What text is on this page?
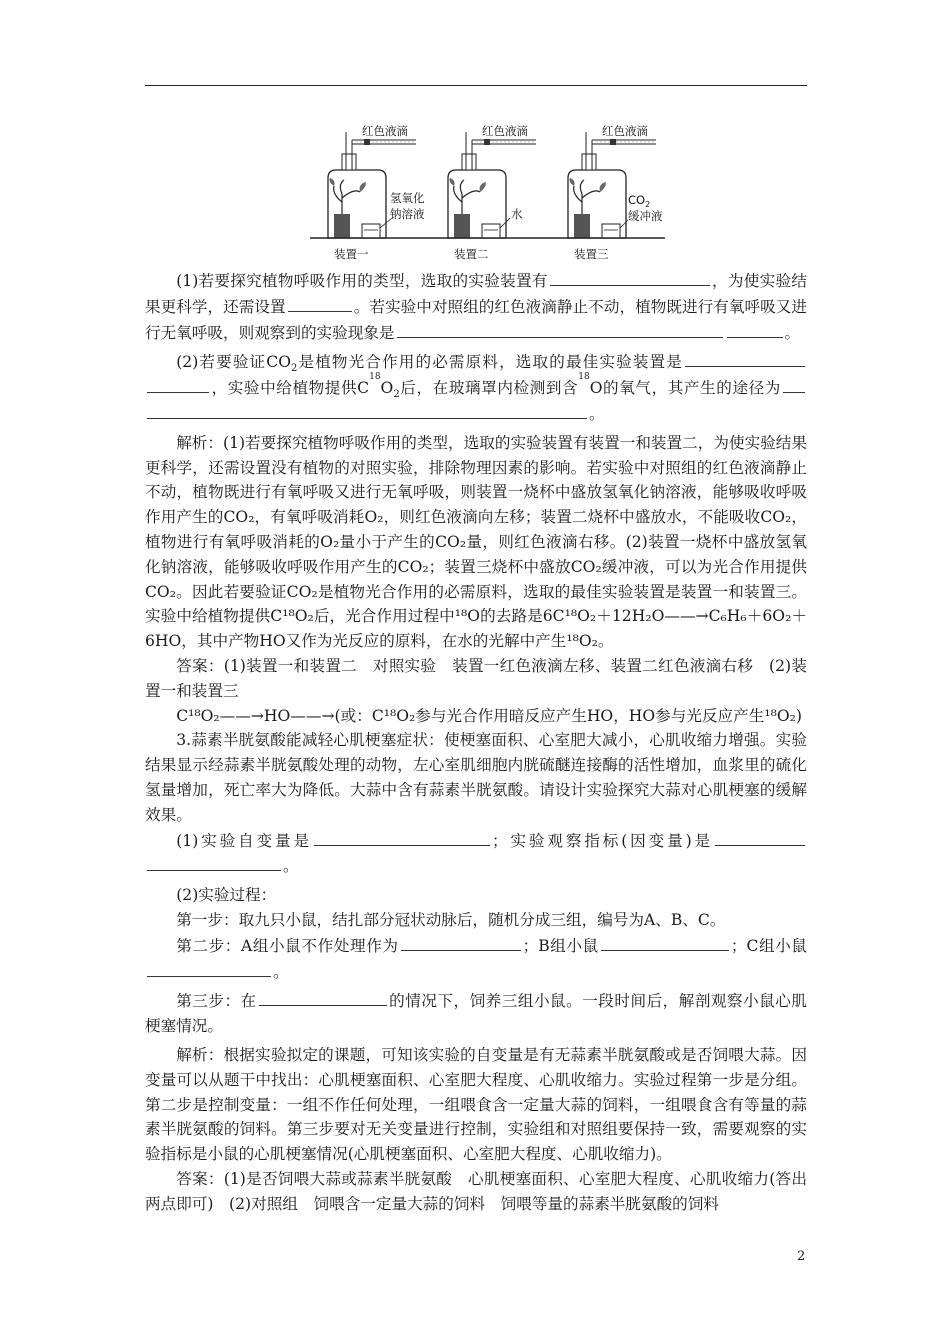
红色液滴	红色液滴	红色液滴
氢氧化
钠溶液	水
$CO_2$
缓冲液
装置一	装置二	装置三

(1)若要探究植物呼吸作用的类型，选取的实验装置有	，为使实验结果更科学，还需设置	。若实验中对照组的红色液滴静止不动，植物既进行有氧呼吸又进行无氧呼吸，则观察到的实验现象是	。

(2)若要验证$CO_2$是植物光合作用的必需原料，选取的最佳实验装置是，实验中给植物提供$C^{18}O_2$后，在玻璃罩内检测到含$^{18}$O的氧气，其产生的途径为。

解析：(1)若要探究植物呼吸作用的类型，选取的实验装置有装置一和装置二，为使实验结果更科学，还需设置没有植物的对照实验，排除物理因素的影响。若实验中对照组的红色液滴静止不动，植物既进行有氧呼吸又进行无氧呼吸，则装置一烧杯中盛放氢氧化钠溶液，能够吸收呼吸作用产生的CO₂，有氧呼吸消耗O₂，则红色液滴向左移；装置二烧杯中盛放水，不能吸收CO₂，植物进行有氧呼吸消耗的O₂量小于产生的CO₂量，则红色液滴右移。(2)装置一烧杯中盛放氢氧化钠溶液，能够吸收呼吸作用产生的CO₂；装置三烧杯中盛放CO₂缓冲液，可以为光合作用提供CO₂。因此若要验证CO₂是植物光合作用的必需原料，选取的最佳实验装置是装置一和装置三。实验中给植物提供C¹⁸O₂后，光合作用过程中¹⁸O的去路是6C¹⁸O₂＋12H₂O——→C₆H₆＋6O₂＋6HO，其中产物HO又作为光反应的原料，在水的光解中产生¹⁸O₂。

答案：(1)装置一和装置二　对照实验　装置一红色液滴左移、装置二红色液滴右移　(2)装置一和装置三

C¹⁸O₂——→HO——→(或：C¹⁸O₂参与光合作用暗反应产生HO，HO参与光反应产生¹⁸O₂)

3.蒜素半胱氨酸能减轻心肌梗塞症状：使梗塞面积、心室肥大减小，心肌收缩力增强。实验结果显示经蒜素半胱氨酸处理的动物，左心室肌细胞内胱硫醚连接酶的活性增加，血浆里的硫化氢量增加，死亡率大为降低。大蒜中含有蒜素半胱氨酸。请设计实验探究大蒜对心肌梗塞的缓解效果。

(1)实验自变量是	；实验观察指标(因变量)是。

(2)实验过程：

第一步：取九只小鼠，结扎部分冠状动脉后，随机分成三组，编号为A、B、C。

第二步：A组小鼠不作处理作为	；B组小鼠	；C组小鼠。

第三步：在	的情况下，饲养三组小鼠。一段时间后，解剖观察小鼠心肌梗塞情况。

解析：根据实验拟定的课题，可知该实验的自变量是有无蒜素半胱氨酸或是否饲喂大蒜。因变量可以从题干中找出：心肌梗塞面积、心室肥大程度、心肌收缩力。实验过程第一步是分组。第二步是控制变量：一组不作任何处理，一组喂食含一定量大蒜的饲料，一组喂食含有等量的蒜素半胱氨酸的饲料。第三步要对无关变量进行控制，实验组和对照组要保持一致，需要观察的实验指标是小鼠的心肌梗塞情况(心肌梗塞面积、心室肥大程度、心肌收缩力)。

答案：(1)是否饲喂大蒜或蒜素半胱氨酸　心肌梗塞面积、心室肥大程度、心肌收缩力(答出两点即可)　(2)对照组　饲喂含一定量大蒜的饲料　饲喂等量的蒜素半胱氨酸的饲料

2
